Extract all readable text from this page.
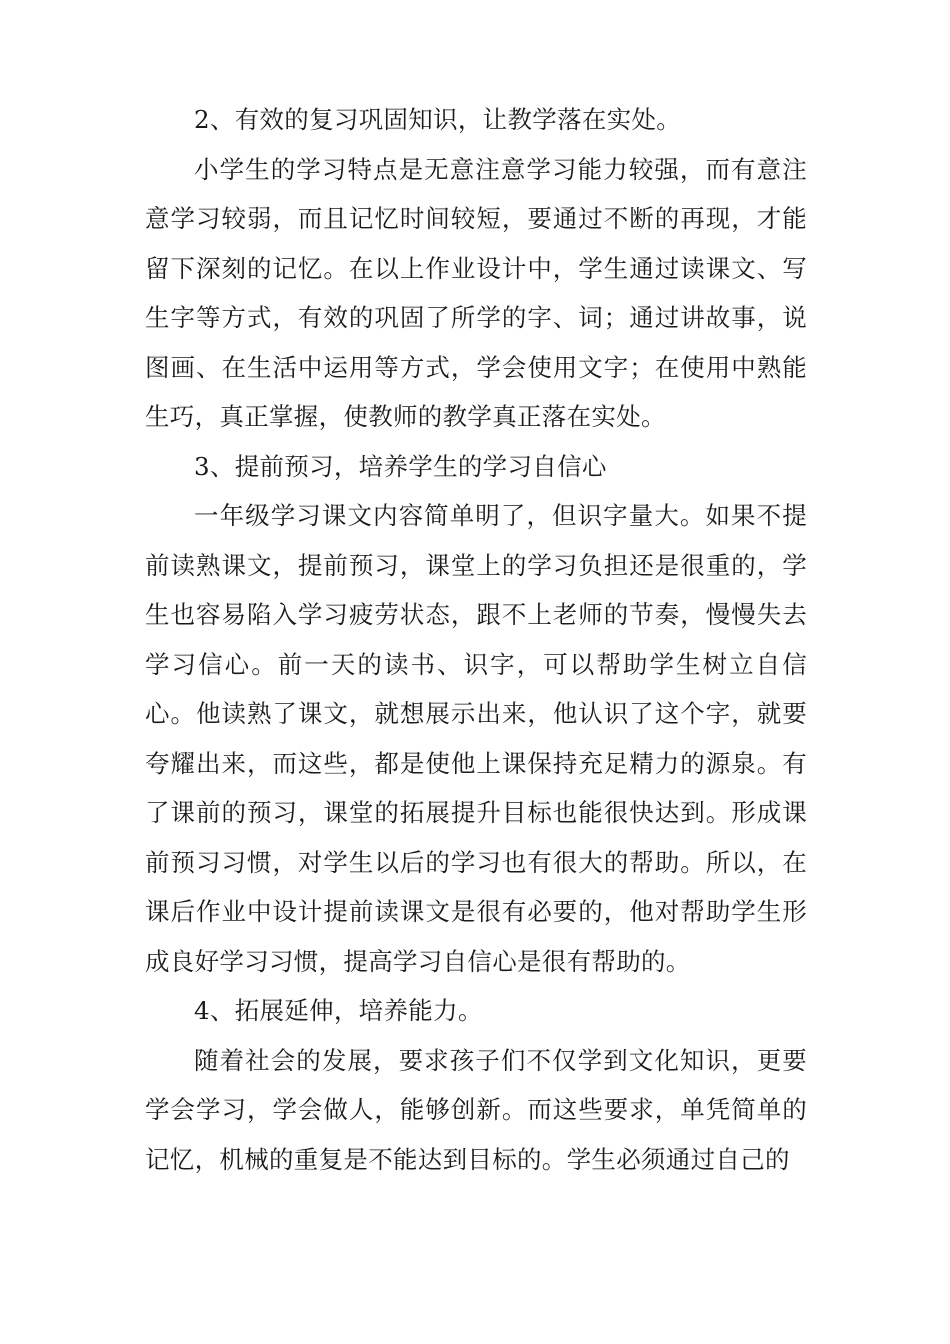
2、有效的复习巩固知识，让教学落在实处。

小学生的学习特点是无意注意学习能力较强，而有意注意学习较弱，而且记忆时间较短，要通过不断的再现，才能留下深刻的记忆。在以上作业设计中，学生通过读课文、写生字等方式，有效的巩固了所学的字、词；通过讲故事，说图画、在生活中运用等方式，学会使用文字；在使用中熟能生巧，真正掌握，使教师的教学真正落在实处。

3、提前预习，培养学生的学习自信心

一年级学习课文内容简单明了，但识字量大。如果不提前读熟课文，提前预习，课堂上的学习负担还是很重的，学生也容易陷入学习疲劳状态，跟不上老师的节奏，慢慢失去学习信心。前一天的读书、识字，可以帮助学生树立自信心。他读熟了课文，就想展示出来，他认识了这个字，就要夸耀出来，而这些，都是使他上课保持充足精力的源泉。有了课前的预习，课堂的拓展提升目标也能很快达到。形成课前预习习惯，对学生以后的学习也有很大的帮助。所以，在课后作业中设计提前读课文是很有必要的，他对帮助学生形成良好学习习惯，提高学习自信心是很有帮助的。

4、拓展延伸，培养能力。

随着社会的发展，要求孩子们不仅学到文化知识，更要学会学习，学会做人，能够创新。而这些要求，单凭简单的记忆，机械的重复是不能达到目标的。学生必须通过自己的
